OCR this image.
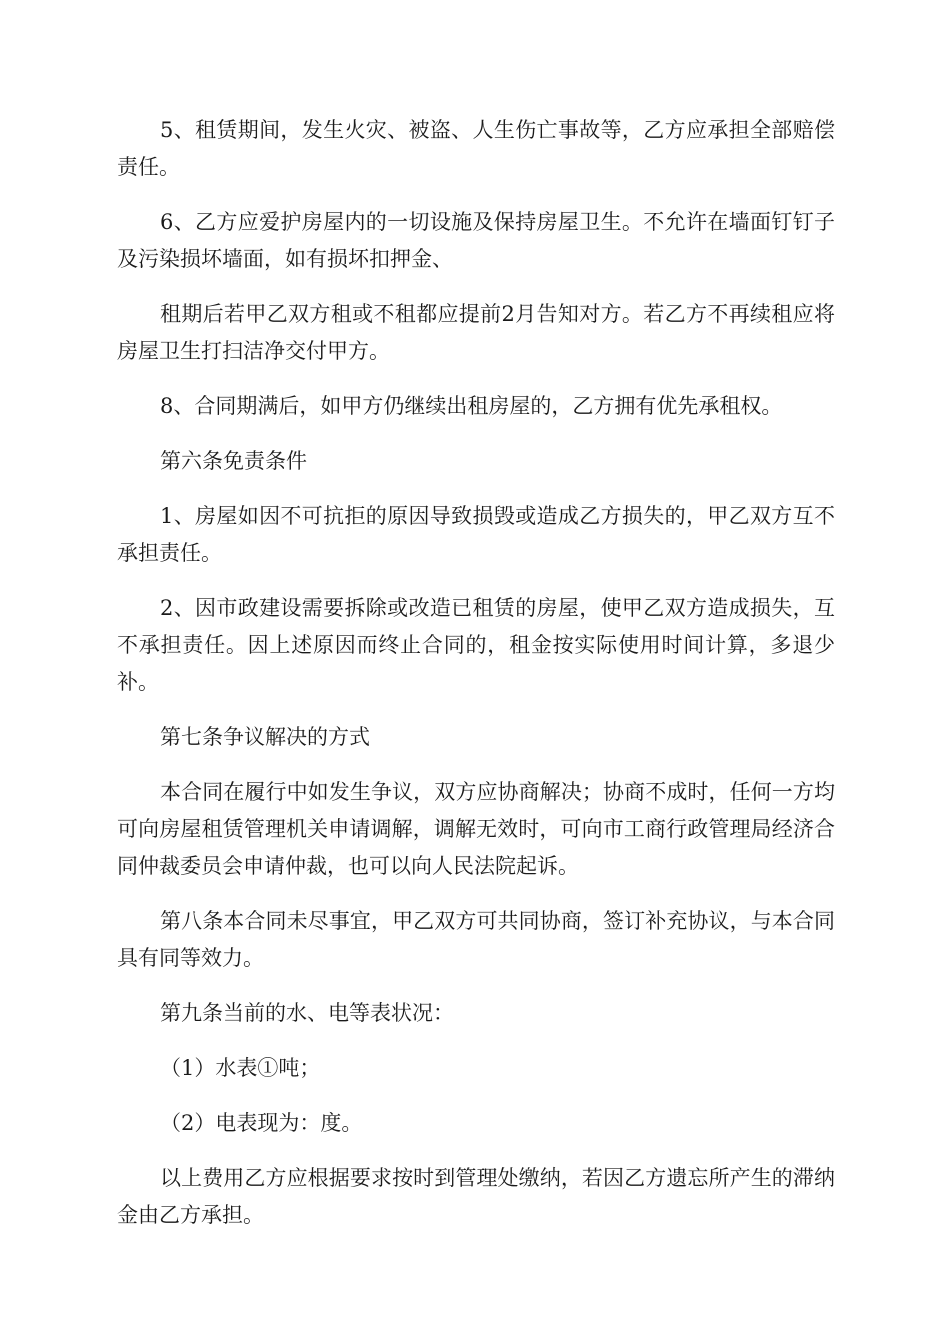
5、租赁期间，发生火灾、被盗、人生伤亡事故等，乙方应承担全部赔偿责任。

6、乙方应爱护房屋内的一切设施及保持房屋卫生。不允许在墙面钉钉子及污染损坏墙面，如有损坏扣押金、

租期后若甲乙双方租或不租都应提前2月告知对方。若乙方不再续租应将房屋卫生打扫洁净交付甲方。

8、合同期满后，如甲方仍继续出租房屋的，乙方拥有优先承租权。

第六条免责条件

1、房屋如因不可抗拒的原因导致损毁或造成乙方损失的，甲乙双方互不承担责任。

2、因市政建设需要拆除或改造已租赁的房屋，使甲乙双方造成损失，互不承担责任。因上述原因而终止合同的，租金按实际使用时间计算，多退少补。

第七条争议解决的方式

本合同在履行中如发生争议，双方应协商解决；协商不成时，任何一方均可向房屋租赁管理机关申请调解，调解无效时，可向市工商行政管理局经济合同仲裁委员会申请仲裁，也可以向人民法院起诉。

第八条本合同未尽事宜，甲乙双方可共同协商，签订补充协议，与本合同具有同等效力。

第九条当前的水、电等表状况：

（1）水表①吨；

（2）电表现为：度。

以上费用乙方应根据要求按时到管理处缴纳，若因乙方遗忘所产生的滞纳金由乙方承担。
